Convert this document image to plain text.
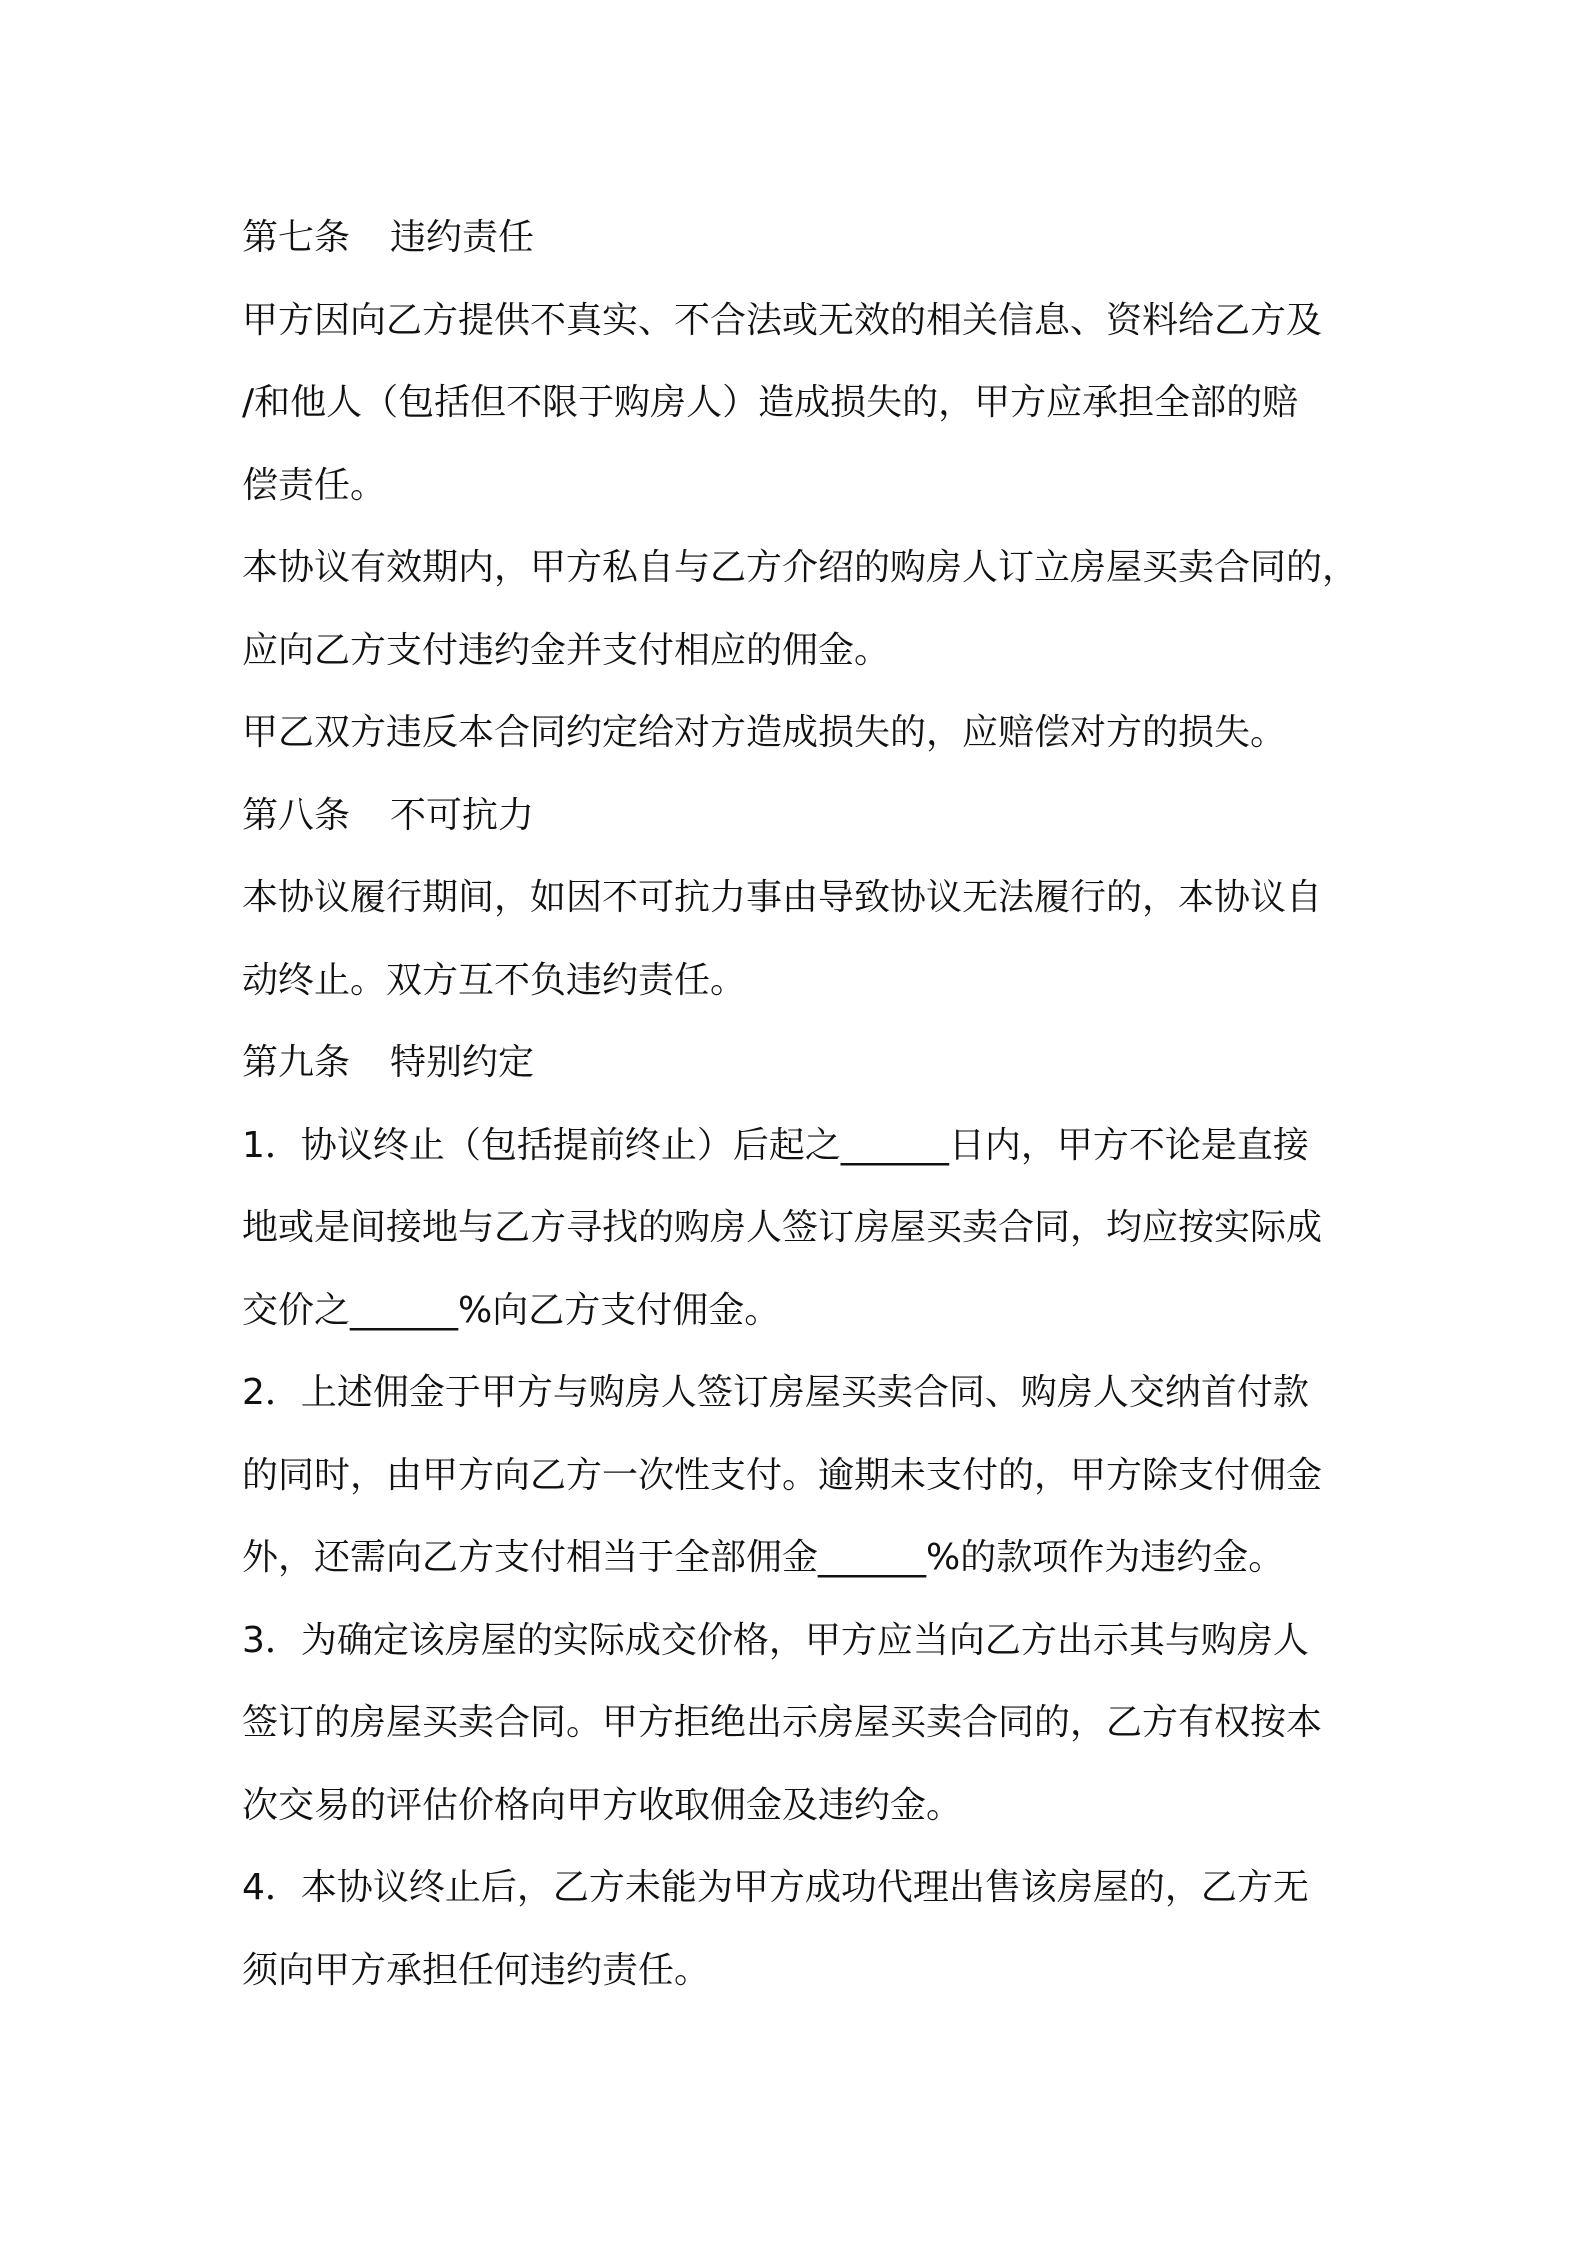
第七条 违约责任
甲方因向乙方提供不真实、不合法或无效的相关信息、资料给乙方及
/和他人（包括但不限于购房人）造成损失的，甲方应承担全部的赔
偿责任。
本协议有效期内，甲方私自与乙方介绍的购房人订立房屋买卖合同的，
应向乙方支付违约金并支付相应的佣金。
甲乙双方违反本合同约定给对方造成损失的，应赔偿对方的损失。
第八条 不可抗力
本协议履行期间，如因不可抗力事由导致协议无法履行的，本协议自
动终止。双方互不负违约责任。
第九条 特别约定
1．协议终止（包括提前终止）后起之______日内，甲方不论是直接
地或是间接地与乙方寻找的购房人签订房屋买卖合同，均应按实际成
交价之______%向乙方支付佣金。
2．上述佣金于甲方与购房人签订房屋买卖合同、购房人交纳首付款
的同时，由甲方向乙方一次性支付。逾期未支付的，甲方除支付佣金
外，还需向乙方支付相当于全部佣金______%的款项作为违约金。
3．为确定该房屋的实际成交价格，甲方应当向乙方出示其与购房人
签订的房屋买卖合同。甲方拒绝出示房屋买卖合同的，乙方有权按本
次交易的评估价格向甲方收取佣金及违约金。
4．本协议终止后，乙方未能为甲方成功代理出售该房屋的，乙方无
须向甲方承担任何违约责任。
